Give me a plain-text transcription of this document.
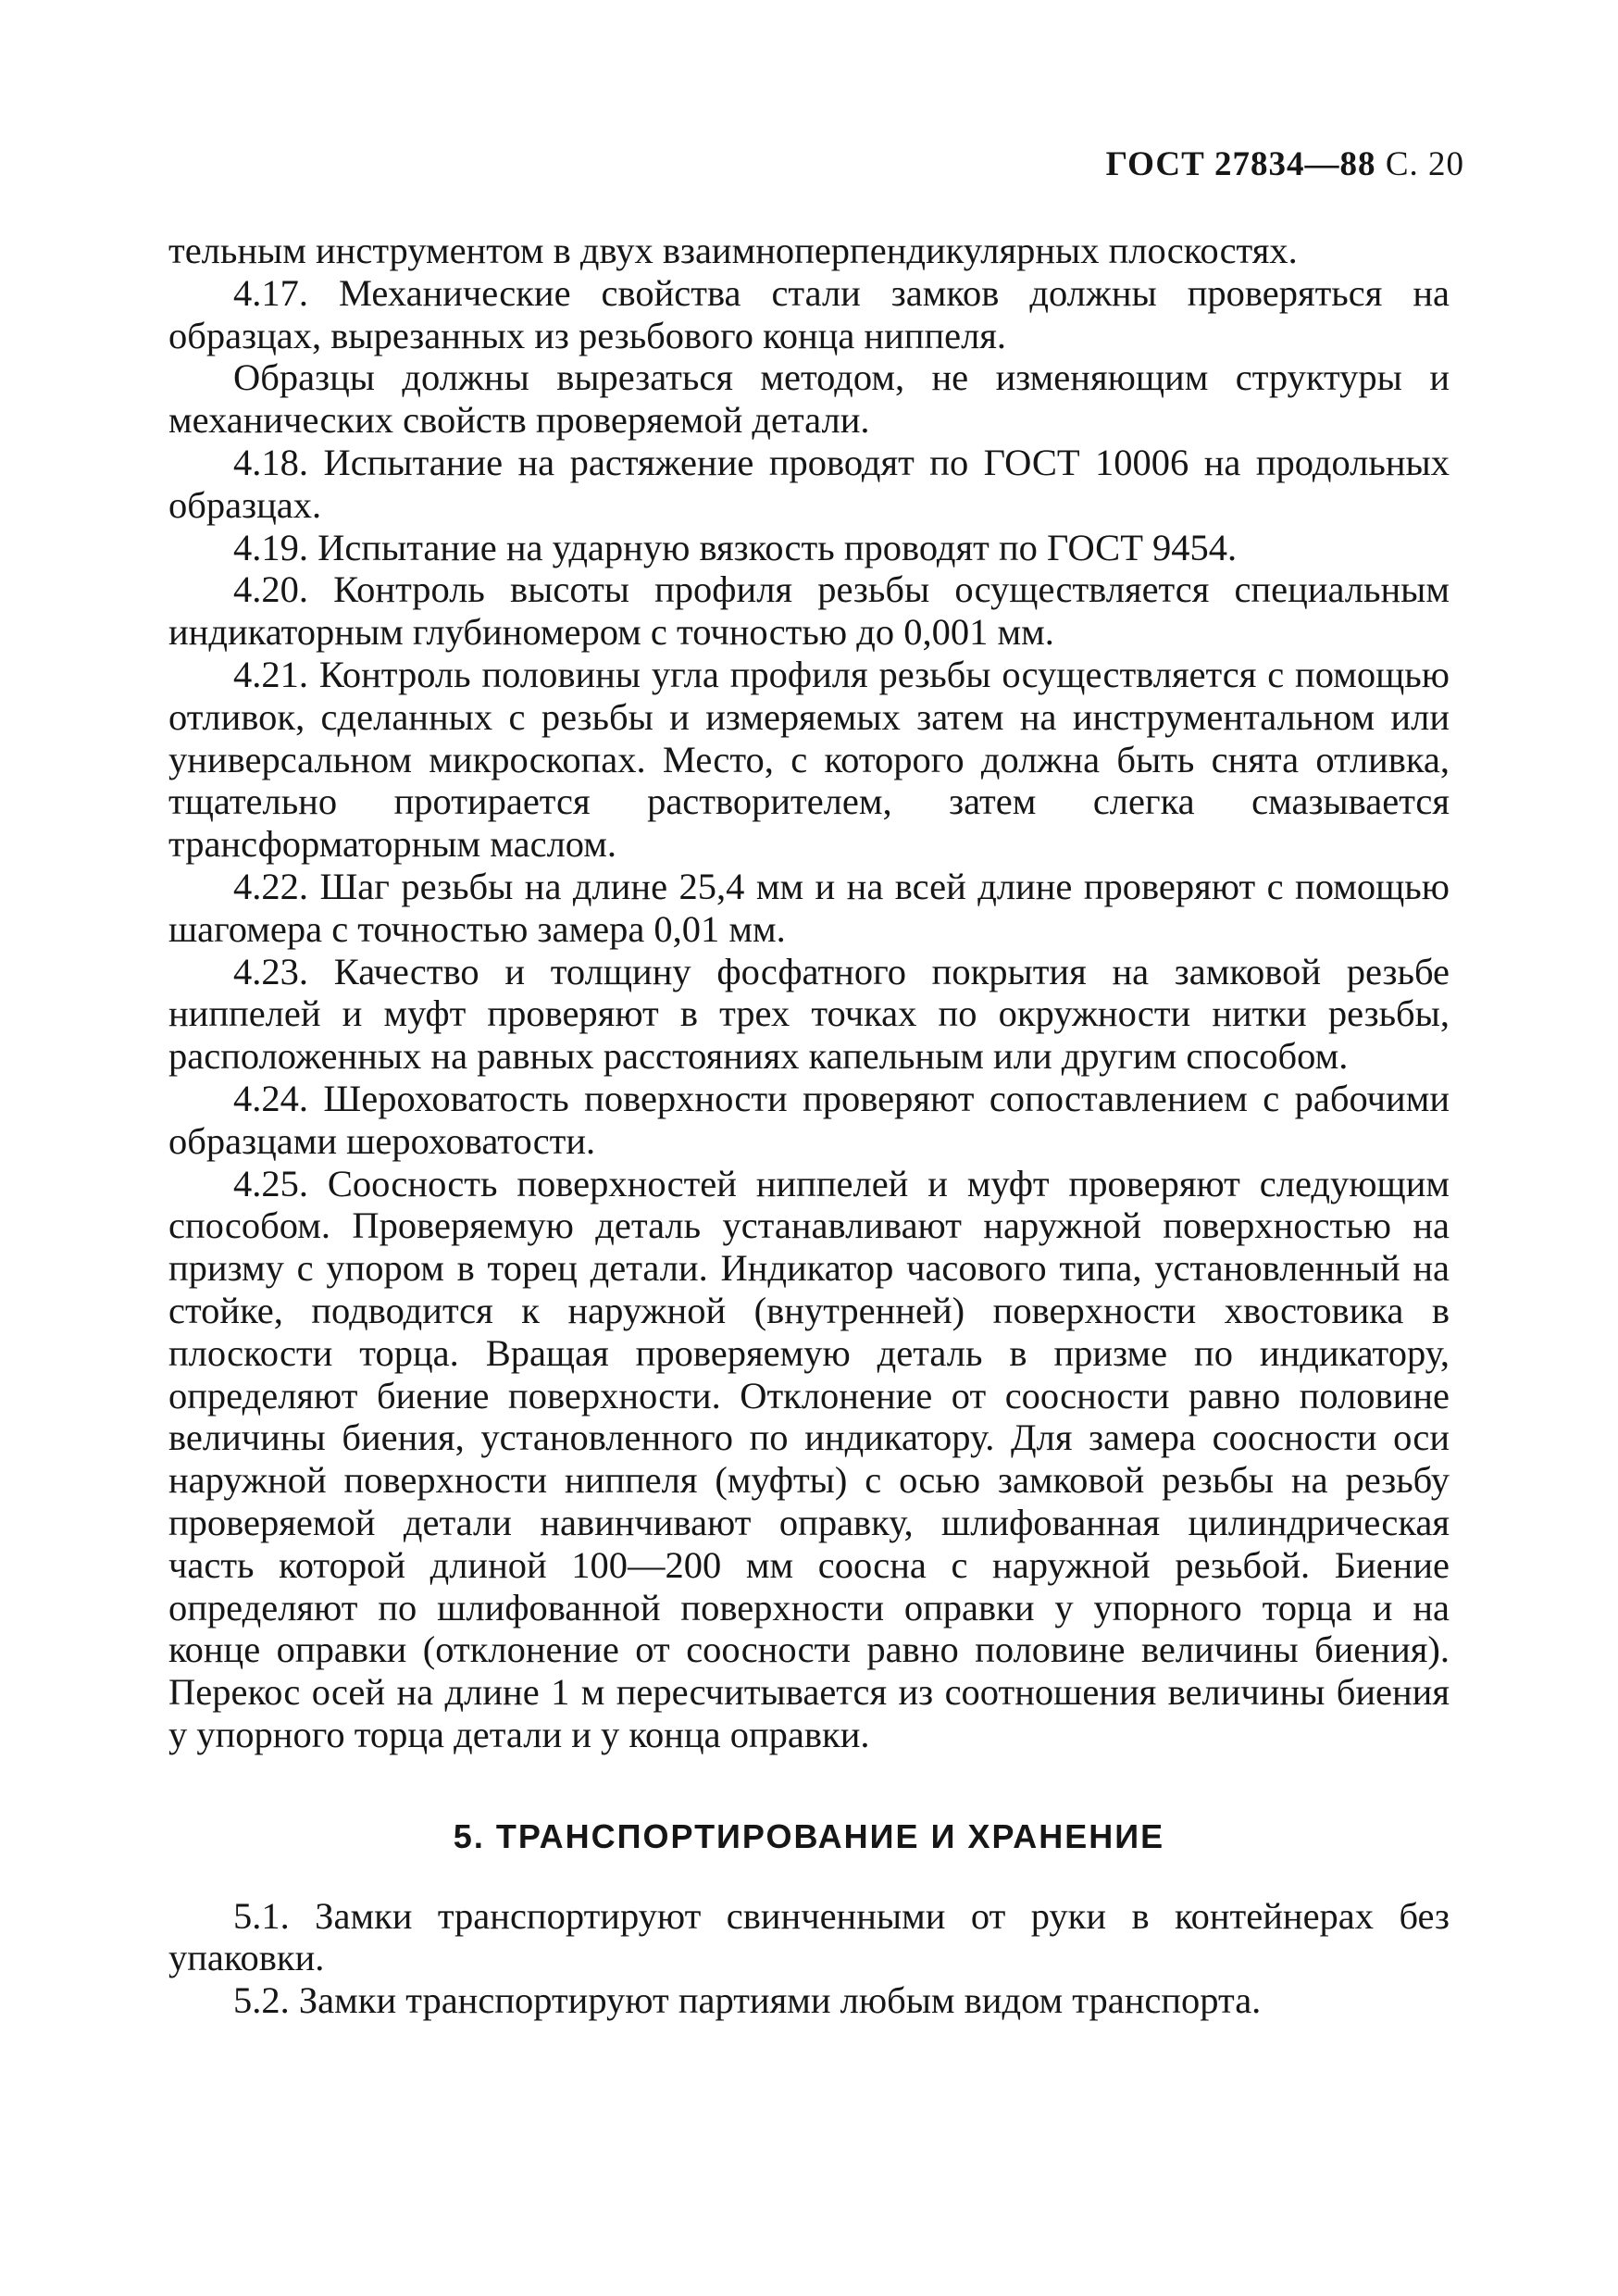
ГОСТ 27834—88 С. 20

тельным инструментом в двух взаимноперпендикулярных плоскостях.

4.17. Механические свойства стали замков должны проверяться на образцах, вырезанных из резьбового конца ниппеля.

Образцы должны вырезаться методом, не изменяющим структуры и механических свойств проверяемой детали.

4.18. Испытание на растяжение проводят по ГОСТ 10006 на продольных образцах.

4.19. Испытание на ударную вязкость проводят по ГОСТ 9454.

4.20. Контроль высоты профиля резьбы осуществляется специальным индикаторным глубиномером с точностью до 0,001 мм.

4.21. Контроль половины угла профиля резьбы осуществляется с помощью отливок, сделанных с резьбы и измеряемых затем на инструментальном или универсальном микроскопах. Место, с которого должна быть снята отливка, тщательно протирается растворителем, затем слегка смазывается трансформаторным маслом.

4.22. Шаг резьбы на длине 25,4 мм и на всей длине проверяют с помощью шагомера с точностью замера 0,01 мм.

4.23. Качество и толщину фосфатного покрытия на замковой резьбе ниппелей и муфт проверяют в трех точках по окружности нитки резьбы, расположенных на равных расстояниях капельным или другим способом.

4.24. Шероховатость поверхности проверяют сопоставлением с рабочими образцами шероховатости.

4.25. Соосность поверхностей ниппелей и муфт проверяют следующим способом. Проверяемую деталь устанавливают наружной поверхностью на призму с упором в торец детали. Индикатор часового типа, установленный на стойке, подводится к наружной (внутренней) поверхности хвостовика в плоскости торца. Вращая проверяемую деталь в призме по индикатору, определяют биение поверхности. Отклонение от соосности равно половине величины биения, установленного по индикатору. Для замера соосности оси наружной поверхности ниппеля (муфты) с осью замковой резьбы на резьбу проверяемой детали навинчивают оправку, шлифованная цилиндрическая часть которой длиной 100—200 мм соосна с наружной резьбой. Биение определяют по шлифованной поверхности оправки у упорного торца и на конце оправки (отклонение от соосности равно половине величины биения). Перекос осей на длине 1 м пересчитывается из соотношения величины биения у упорного торца детали и у конца оправки.

5. ТРАНСПОРТИРОВАНИЕ И ХРАНЕНИЕ

5.1. Замки транспортируют свинченными от руки в контейнерах без упаковки.

5.2. Замки транспортируют партиями любым видом транспорта.
